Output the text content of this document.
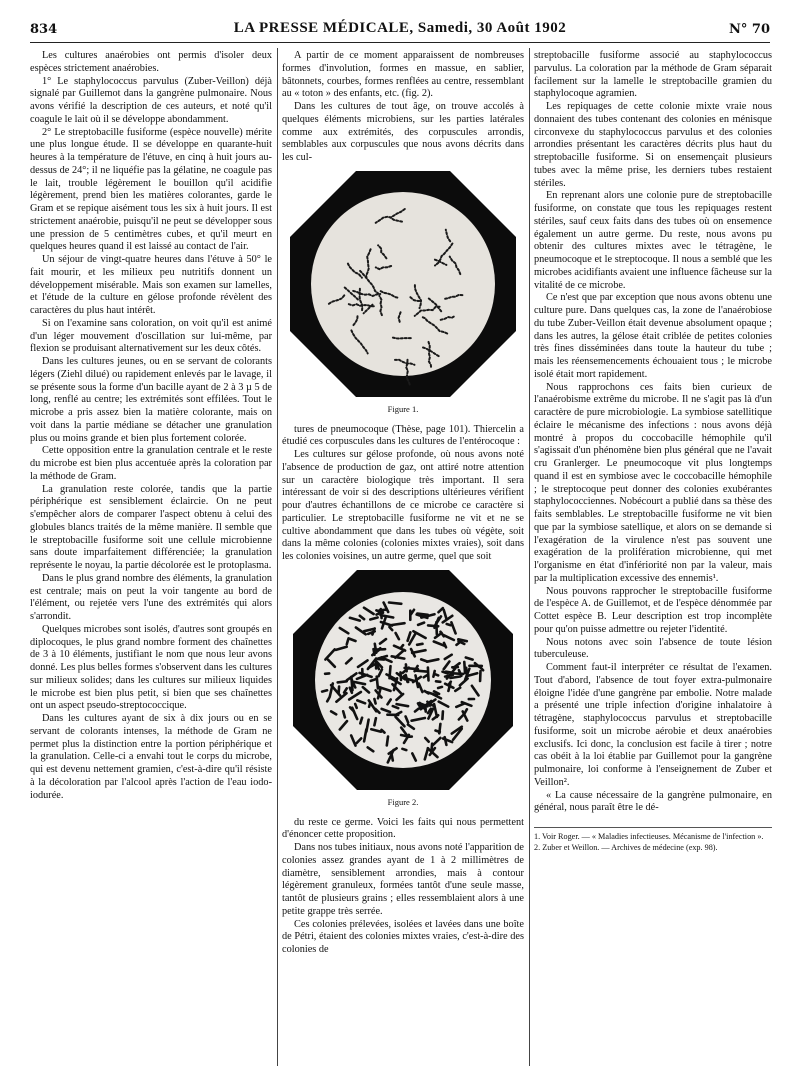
834	LA PRESSE MÉDICALE, Samedi, 30 Août 1902	N° 70

Les cultures anaérobies ont permis d'isoler deux espèces strictement anaérobies.

1° Le staphylococcus parvulus (Zuber-Veillon) déjà signalé par Guillemot dans la gangrène pulmonaire. Nous avons vérifié la description de ces auteurs, et noté qu'il coagule le lait où il se développe abondamment.

2° Le streptobacille fusiforme (espèce nouvelle) mérite une plus longue étude. Il se développe en quarante-huit heures à la température de l'étuve, en cinq à huit jours au-dessus de 24°; il ne liquéfie pas la gélatine, ne coagule pas le lait, trouble légèrement le bouillon qu'il acidifie légèrement, prend bien les matières colorantes, garde le Gram et se repique aisément tous les six à huit jours. Il est strictement anaérobie, puisqu'il ne peut se développer sous une pression de 5 centimètres cubes, et qu'il meurt en quelques heures quand il est laissé au contact de l'air.

Un séjour de vingt-quatre heures dans l'étuve à 50° le fait mourir, et les milieux peu nutritifs donnent un développement misérable. Mais son examen sur lamelles, et l'étude de la culture en gélose profonde révèlent des caractères du plus haut intérêt.

Si on l'examine sans coloration, on voit qu'il est animé d'un léger mouvement d'oscillation sur lui-même, par flexion se produisant alternativement sur les deux côtés.

Dans les cultures jeunes, ou en se servant de colorants légers (Ziehl dilué) ou rapidement enlevés par le lavage, il se présente sous la forme d'un bacille ayant de 2 à 3 µ 5 de long, renflé au centre; les extrémités sont effilées. Tout le microbe a pris assez bien la matière colorante, mais on voit dans la partie médiane se détacher une granulation plus ou moins grande et bien plus fortement colorée.

Cette opposition entre la granulation centrale et le reste du microbe est bien plus accentuée après la coloration par la méthode de Gram.

La granulation reste colorée, tandis que la partie périphérique est sensiblement éclaircie. On ne peut s'empêcher alors de comparer l'aspect obtenu à celui des globules blancs traités de la même manière. Il semble que le streptobacille fusiforme soit une cellule microbienne sans doute imparfaitement différenciée; la granulation représente le noyau, la partie décolorée est le protoplasma.

Dans le plus grand nombre des éléments, la granulation est centrale; mais on peut la voir tangente au bord de l'élément, ou rejetée vers l'une des extrémités qui alors s'arrondit.

Quelques microbes sont isolés, d'autres sont groupés en diplocoques, le plus grand nombre forment des chaînettes de 3 à 10 éléments, justifiant le nom que nous leur avons donné. Les plus belles formes s'observent dans les cultures sur milieux solides; dans les cultures sur milieux liquides le microbe est bien plus petit, si bien que ses chaînettes ont un aspect pseudo-streptococcique.

Dans les cultures ayant de six à dix jours ou en se servant de colorants intenses, la méthode de Gram ne permet plus la distinction entre la portion périphérique et la granulation. Celle-ci a envahi tout le corps du microbe, qui est devenu nettement gramien, c'est-à-dire qu'il résiste à la décoloration par l'alcool après l'action de l'eau iodo-iodurée.

A partir de ce moment apparaissent de nombreuses formes d'involution, formes en massue, en sablier, bâtonnets, courbes, formes renflées au centre, ressemblant au « toton » des enfants, etc. (fig. 2).

Dans les cultures de tout âge, on trouve accolés à quelques éléments microbiens, sur les parties latérales comme aux extrémités, des corpuscules arrondis, semblables aux corpuscules que nous avons décrits dans les cul-

Figure 1.

tures de pneumocoque (Thèse, page 101). Thiercelin a étudié ces corpuscules dans les cultures de l'entérocoque :

Les cultures sur gélose profonde, où nous avons noté l'absence de production de gaz, ont attiré notre attention sur un caractère biologique très important. Il sera intéressant de voir si des descriptions ultérieures vérifient pour d'autres échantillons de ce microbe ce caractère si particulier. Le streptobacille fusiforme ne vit et ne se cultive abondamment que dans les tubes où végète, soit dans la même colonies (colonies mixtes vraies), soit dans les colonies voisines, un autre germe, quel que soit

Figure 2.

du reste ce germe. Voici les faits qui nous permettent d'énoncer cette proposition.

Dans nos tubes initiaux, nous avons noté l'apparition de colonies assez grandes ayant de 1 à 2 millimètres de diamètre, sensiblement arrondies, mais à contour légèrement granuleux, formées tantôt d'une seule masse, tantôt de plusieurs grains ; elles ressemblaient alors à une petite grappe très serrée.

Ces colonies prélevées, isolées et lavées dans une boîte de Pétri, étaient des colonies mixtes vraies, c'est-à-dire des colonies de

streptobacille fusiforme associé au staphylococcus parvulus. La coloration par la méthode de Gram séparait facilement sur la lamelle le streptobacille gramien du staphylocoque agramien.

Les repiquages de cette colonie mixte vraie nous donnaient des tubes contenant des colonies en ménisque circonvexe du staphylococcus parvulus et des colonies arrondies présentant les caractères décrits plus haut du streptobacille fusiforme. Si on ensemençait plusieurs tubes avec la même prise, les derniers tubes restaient stériles.

En reprenant alors une colonie pure de streptobacille fusiforme, on constate que tous les repiquages restent stériles, sauf ceux faits dans des tubes où on ensemence également un autre germe. Du reste, nous avons pu obtenir des cultures mixtes avec le tétragène, le pneumocoque et le streptocoque. Il nous a semblé que les microbes acidifiants avaient une influence fâcheuse sur la vitalité de ce microbe.

Ce n'est que par exception que nous avons obtenu une culture pure. Dans quelques cas, la zone de l'anaérobiose du tube Zuber-Veillon était devenue absolument opaque ; dans les autres, la gélose était criblée de petites colonies très fines disséminées dans toute la hauteur du tube ; mais les réensemencements échouaient tous ; le microbe isolé était mort rapidement.

Nous rapprochons ces faits bien curieux de l'anaérobisme extrême du microbe. Il ne s'agit pas là d'un caractère de pure microbiologie. La symbiose satellitique éclaire le mécanisme des infections : nous avons déjà montré à propos du coccobacille hémophile qu'il s'agissait d'un phénomène bien plus général que ne l'avait cru Granlerger. Le pneumocoque vit plus longtemps quand il est en symbiose avec le coccobacille hémophile ; le streptocoque peut donner des colonies exubérantes staphylococciennes. Nobécourt a publié dans sa thèse des faits semblables. Le streptobacille fusiforme ne vit bien que par la symbiose satellique, et alors on se demande si l'exagération de la virulence n'est pas souvent une exagération de la prolifération microbienne, qui met l'organisme en état d'infériorité non par la valeur, mais par la multiplication excessive des ennemis¹.

Nous pouvons rapprocher le streptobacille fusiforme de l'espèce A. de Guillemot, et de l'espèce dénommée par Cottet espèce B. Leur description est trop incomplète pour qu'on puisse admettre ou rejeter l'identité.

Nous notons avec soin l'absence de toute lésion tuberculeuse.

Comment faut-il interpréter ce résultat de l'examen. Tout d'abord, l'absence de tout foyer extra-pulmonaire éloigne l'idée d'une gangrène par embolie. Notre malade a présenté une triple infection d'origine inhalatoire à tétragène, staphylococcus parvulus et streptobacille fusiforme, soit un microbe aérobie et deux anaérobies exclusifs. Ici donc, la conclusion est facile à tirer ; notre cas obéit à la loi établie par Guillemot pour la gangrène pulmonaire, loi conforme à l'enseignement de Zuber et Veillon².

« La cause nécessaire de la gangrène pulmonaire, en général, nous paraît être le dé-

1. Voir Roger. — « Maladies infectieuses. Mécanisme de l'infection ».

2. Zuber et Weillon. — Archives de médecine (exp. 98).
